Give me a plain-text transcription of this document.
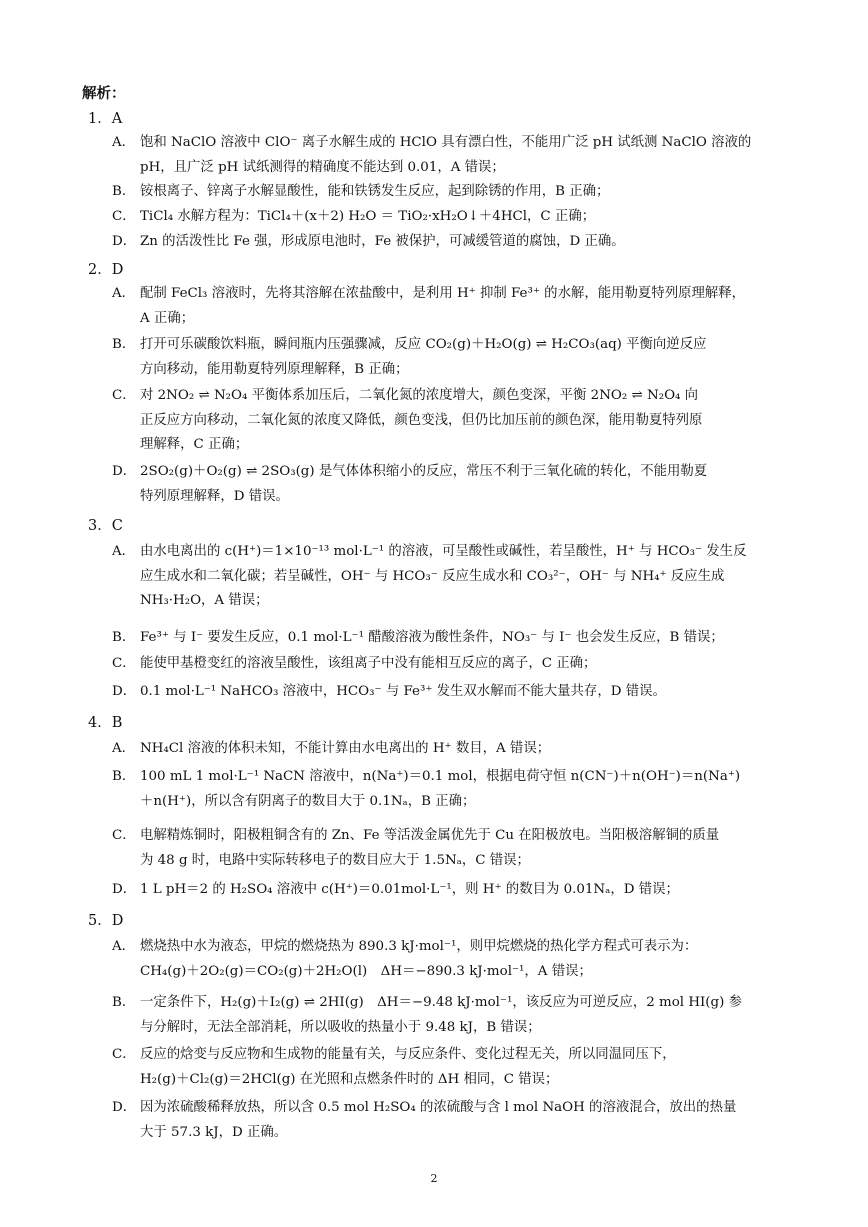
解析：
1．A
A． 饱和 NaClO 溶液中 ClO⁻ 离子水解生成的 HClO 具有漂白性，不能用广泛 pH 试纸测 NaClO 溶液的
pH，且广泛 pH 试纸测得的精确度不能达到 0.01，A 错误；
B． 铵根离子、锌离子水解显酸性，能和铁锈发生反应，起到除锈的作用，B 正确；
C． TiCl₄ 水解方程为：TiCl₄＋(x＋2) H₂O ＝ TiO₂·xH₂O↓＋4HCl，C 正确；
D． Zn 的活泼性比 Fe 强，形成原电池时，Fe 被保护，可减缓管道的腐蚀，D 正确。
2．D
A． 配制 FeCl₃ 溶液时，先将其溶解在浓盐酸中，是利用 H⁺ 抑制 Fe³⁺ 的水解，能用勒夏特列原理解释，
A 正确；
B． 打开可乐碳酸饮料瓶，瞬间瓶内压强骤减，反应 CO₂(g)＋H₂O(g) ⇌ H₂CO₃(aq) 平衡向逆反应
方向移动，能用勒夏特列原理解释，B 正确；
C． 对 2NO₂ ⇌ N₂O₄ 平衡体系加压后，二氧化氮的浓度增大，颜色变深，平衡 2NO₂ ⇌ N₂O₄ 向
正反应方向移动，二氧化氮的浓度又降低，颜色变浅，但仍比加压前的颜色深，能用勒夏特列原
理解释，C 正确；
D． 2SO₂(g)＋O₂(g) ⇌ 2SO₃(g) 是气体体积缩小的反应，常压不利于三氧化硫的转化，不能用勒夏
特列原理解释，D 错误。
3．C
A． 由水电离出的 c(H⁺)＝1×10⁻¹³ mol·L⁻¹ 的溶液，可呈酸性或碱性，若呈酸性，H⁺ 与 HCO₃⁻ 发生反
应生成水和二氧化碳；若呈碱性，OH⁻ 与 HCO₃⁻ 反应生成水和 CO₃²⁻，OH⁻ 与 NH₄⁺ 反应生成
NH₃·H₂O，A 错误；
B． Fe³⁺ 与 I⁻ 要发生反应，0.1 mol·L⁻¹ 醋酸溶液为酸性条件，NO₃⁻ 与 I⁻ 也会发生反应，B 错误；
C． 能使甲基橙变红的溶液呈酸性，该组离子中没有能相互反应的离子，C 正确；
D． 0.1 mol·L⁻¹ NaHCO₃ 溶液中，HCO₃⁻ 与 Fe³⁺ 发生双水解而不能大量共存，D 错误。
4．B
A． NH₄Cl 溶液的体积未知，不能计算由水电离出的 H⁺ 数目，A 错误；
B． 100 mL 1 mol·L⁻¹ NaCN 溶液中，n(Na⁺)＝0.1 mol，根据电荷守恒 n(CN⁻)＋n(OH⁻)＝n(Na⁺)
＋n(H⁺)，所以含有阴离子的数目大于 0.1Nₐ，B 正确；
C． 电解精炼铜时，阳极粗铜含有的 Zn、Fe 等活泼金属优先于 Cu 在阳极放电。当阳极溶解铜的质量
为 48 g 时，电路中实际转移电子的数目应大于 1.5Nₐ，C 错误；
D． 1 L pH＝2 的 H₂SO₄ 溶液中 c(H⁺)＝0.01mol·L⁻¹，则 H⁺ 的数目为 0.01Nₐ，D 错误；
5．D
A． 燃烧热中水为液态，甲烷的燃烧热为 890.3 kJ·mol⁻¹，则甲烷燃烧的热化学方程式可表示为：
CH₄(g)＋2O₂(g)＝CO₂(g)＋2H₂O(l)　ΔH＝−890.3 kJ·mol⁻¹，A 错误；
B． 一定条件下，H₂(g)＋I₂(g) ⇌ 2HI(g)　ΔH＝−9.48 kJ·mol⁻¹，该反应为可逆反应，2 mol HI(g) 参
与分解时，无法全部消耗，所以吸收的热量小于 9.48 kJ，B 错误；
C． 反应的焓变与反应物和生成物的能量有关，与反应条件、变化过程无关，所以同温同压下，
H₂(g)＋Cl₂(g)＝2HCl(g) 在光照和点燃条件时的 ΔH 相同，C 错误；
D． 因为浓硫酸稀释放热，所以含 0.5 mol H₂SO₄ 的浓硫酸与含 l mol NaOH 的溶液混合，放出的热量
大于 57.3 kJ，D 正确。
2
